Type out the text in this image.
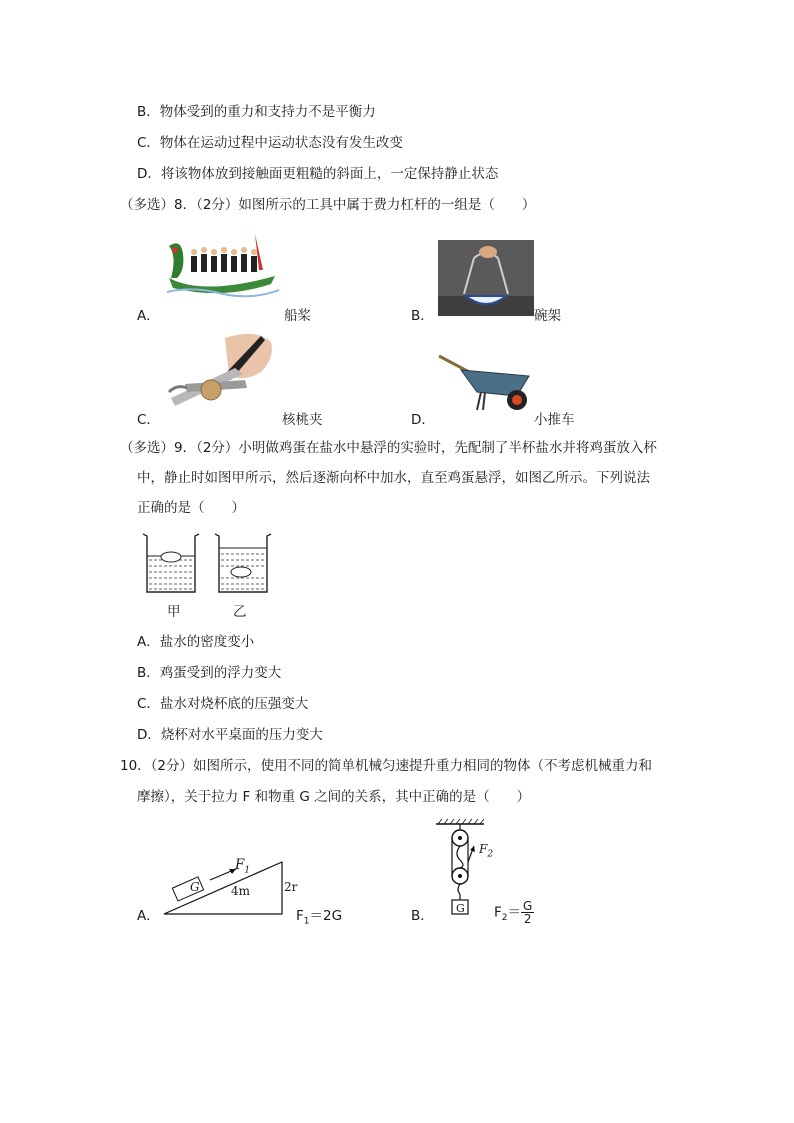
B．物体受到的重力和支持力不是平衡力
C．物体在运动过程中运动状态没有发生改变
D．将该物体放到接触面更粗糙的斜面上，一定保持静止状态
（多选）8．（2分）如图所示的工具中属于费力杠杆的一组是（　　）
A．	船桨	B．	碗架
C．	核桃夹	D．	小推车
（多选）9．（2分）小明做鸡蛋在盐水中悬浮的实验时，先配制了半杯盐水并将鸡蛋放入杯
中，静止时如图甲所示，然后逐渐向杯中加水，直至鸡蛋悬浮，如图乙所示。下列说法
正确的是（　　）
甲	乙
A．盐水的密度变小
B．鸡蛋受到的浮力变大
C．盐水对烧杯底的压强变大
D．烧杯对水平桌面的压力变大
10．（2分）如图所示，使用不同的简单机械匀速提升重力相同的物体（不考虑机械重力和
摩擦），关于拉力 F 和物重 G 之间的关系，其中正确的是（　　）
A．
$F_1$
G	4m	2r
$F_1=2G$	B．
$F_2$
G $F_2= \frac{G}{2}$
